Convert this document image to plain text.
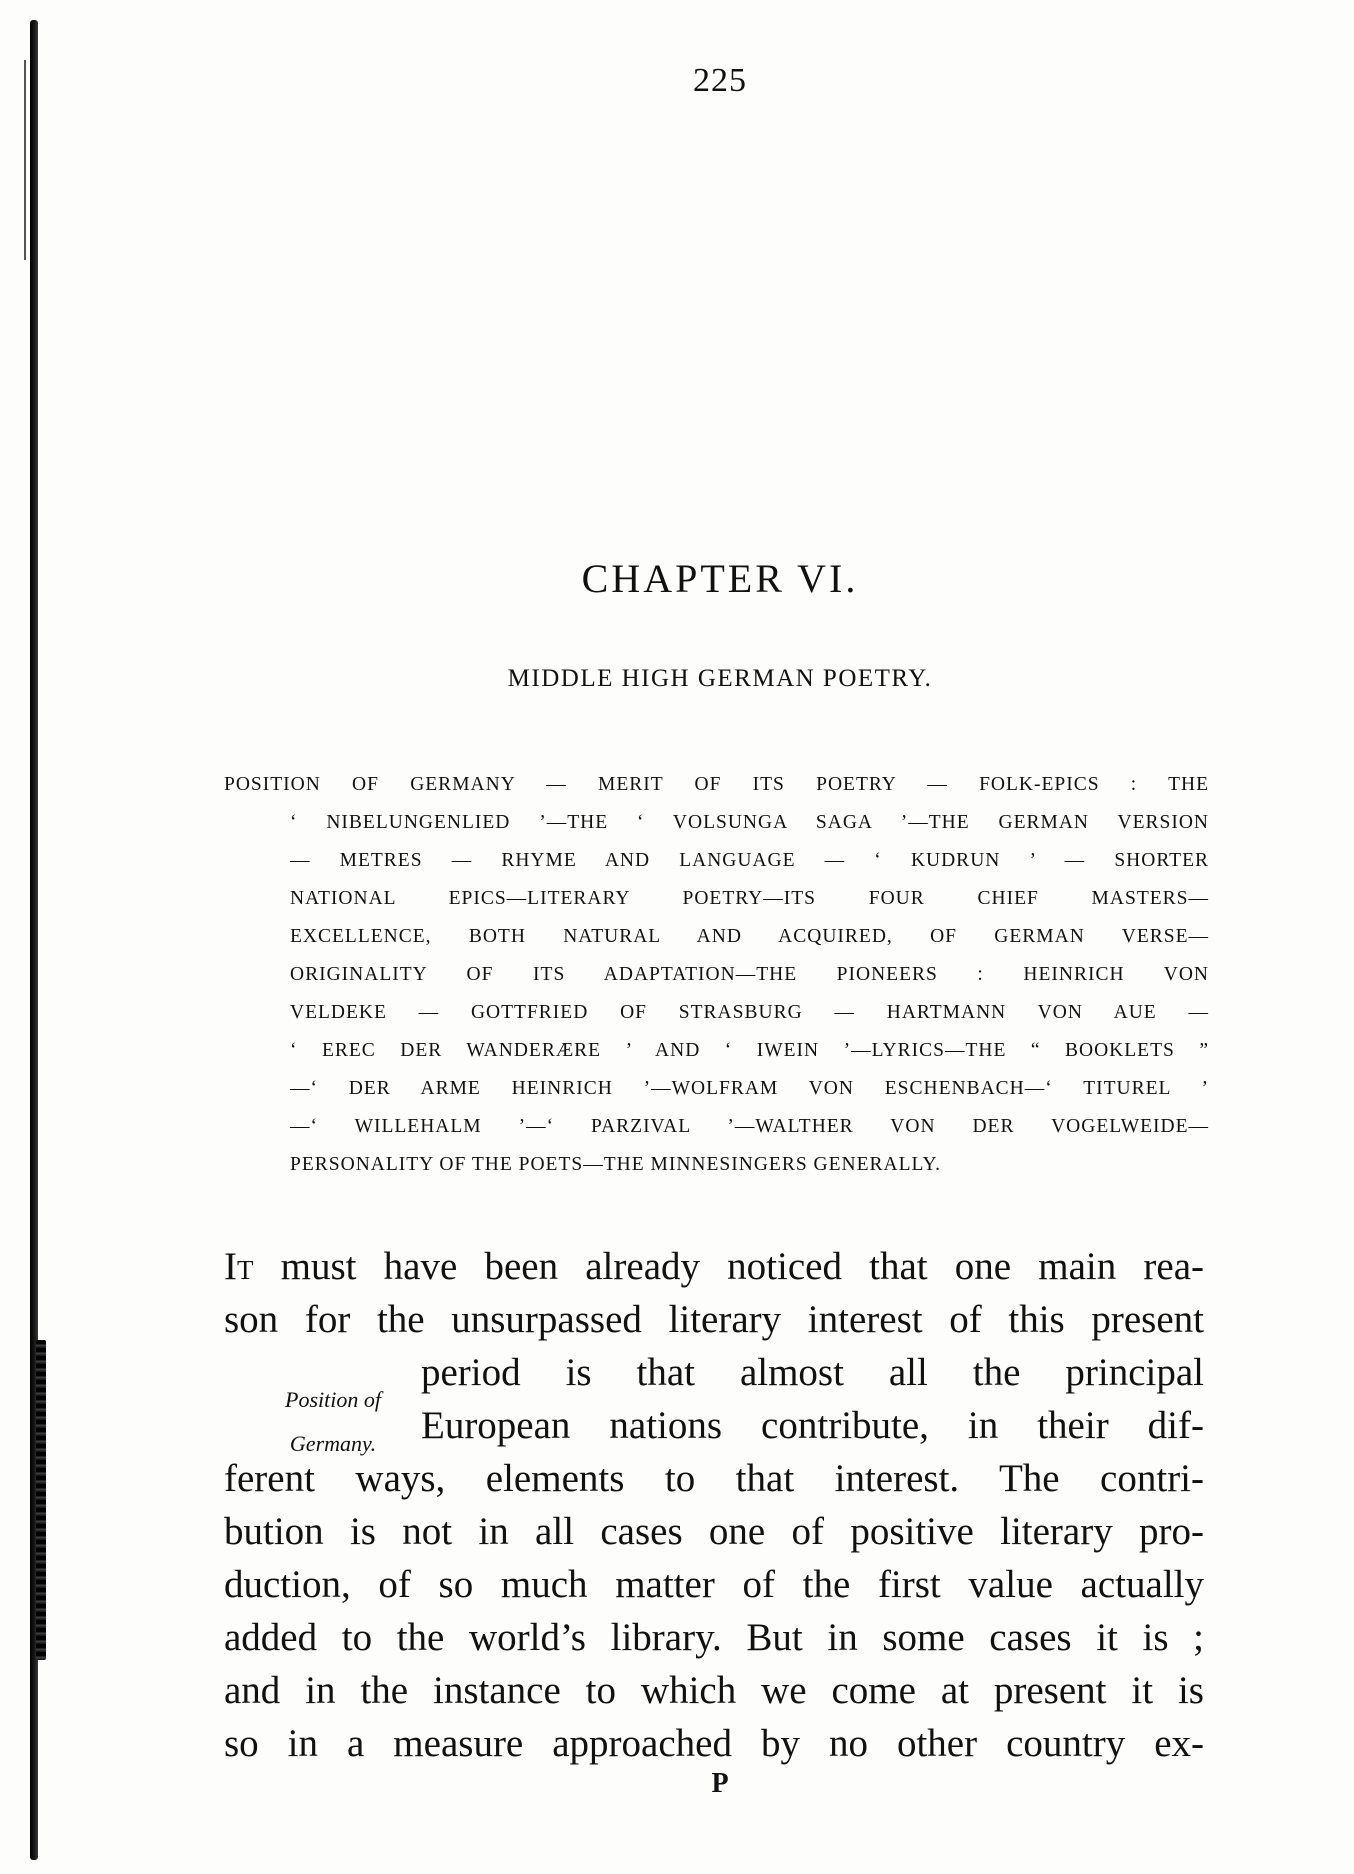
225
CHAPTER VI.
MIDDLE HIGH GERMAN POETRY.
POSITION OF GERMANY — MERIT OF ITS POETRY — FOLK-EPICS : THE
‘ NIBELUNGENLIED ’—THE ‘ VOLSUNGA SAGA ’—THE GERMAN VERSION
— METRES — RHYME AND LANGUAGE — ‘ KUDRUN ’ — SHORTER
NATIONAL EPICS—LITERARY POETRY—ITS FOUR CHIEF MASTERS—
EXCELLENCE, BOTH NATURAL AND ACQUIRED, OF GERMAN VERSE—
ORIGINALITY OF ITS ADAPTATION—THE PIONEERS : HEINRICH VON
VELDEKE — GOTTFRIED OF STRASBURG — HARTMANN VON AUE —
‘ EREC DER WANDERÆRE ’ AND ‘ IWEIN ’—LYRICS—THE “ BOOKLETS ”
—‘ DER ARME HEINRICH ’—WOLFRAM VON ESCHENBACH—‘ TITUREL ’
—‘ WILLEHALM ’—‘ PARZIVAL ’—WALTHER VON DER VOGELWEIDE—
PERSONALITY OF THE POETS—THE MINNESINGERS GENERALLY.
Position of
Germany.
It must have been already noticed that one main rea-
son for the unsurpassed literary interest of this present
period is that almost all the principal
European nations contribute, in their dif-
ferent ways, elements to that interest. The contri-
bution is not in all cases one of positive literary pro-
duction, of so much matter of the first value actually
added to the world’s library. But in some cases it is ;
and in the instance to which we come at present it is
so in a measure approached by no other country ex-
P
